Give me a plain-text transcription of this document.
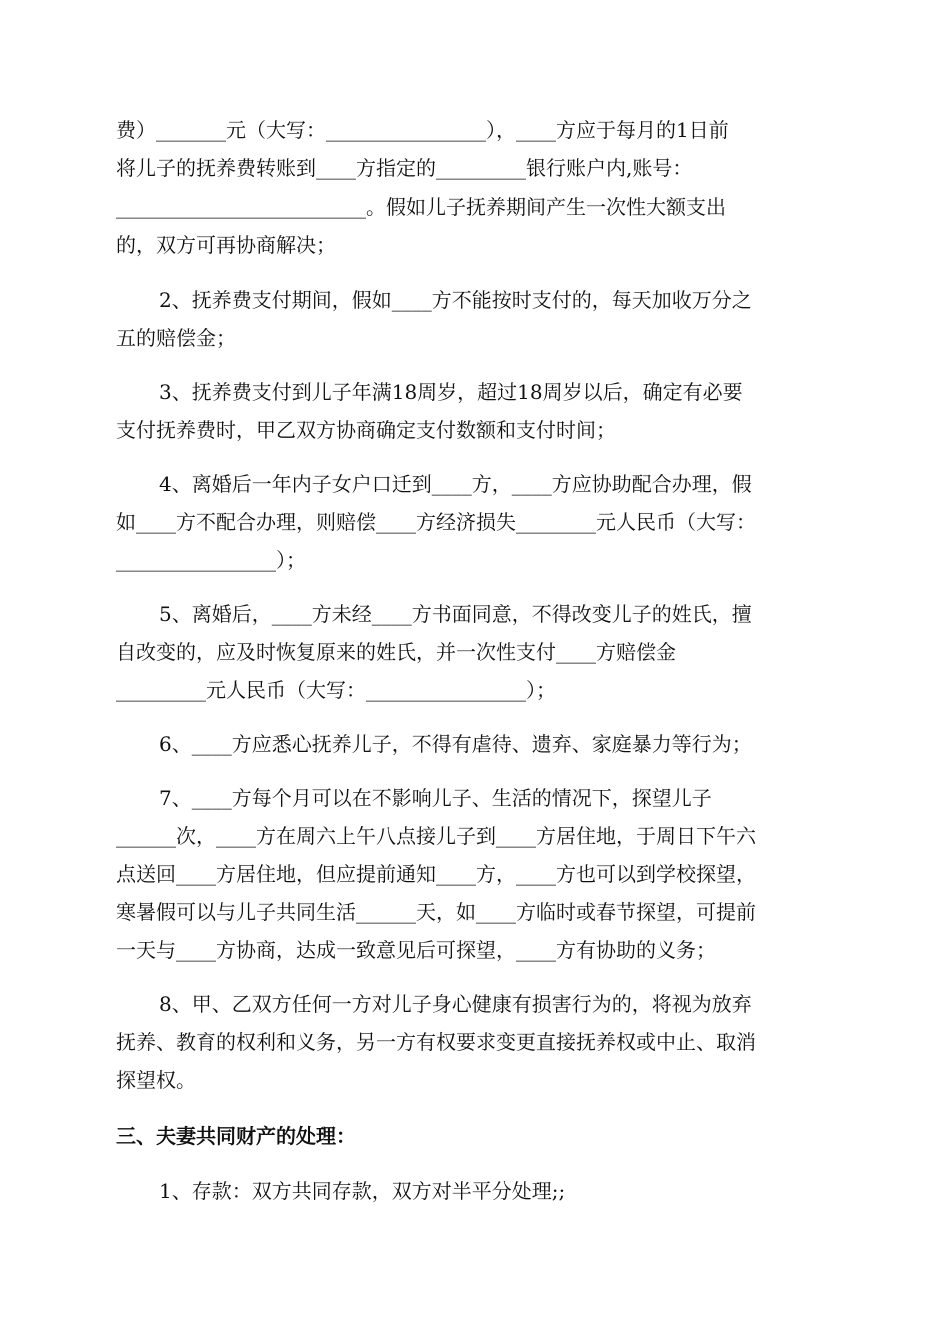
费）_______元（大写：________________），____方应于每月的1日前
将儿子的抚养费转账到____方指定的_________银行账户内,账号：
_________________________。假如儿子抚养期间产生一次性大额支出
的，双方可再协商解决；
2、抚养费支付期间，假如____方不能按时支付的，每天加收万分之
五的赔偿金；
3、抚养费支付到儿子年满18周岁，超过18周岁以后，确定有必要
支付抚养费时，甲乙双方协商确定支付数额和支付时间；
4、离婚后一年内子女户口迁到____方，____方应协助配合办理，假
如____方不配合办理，则赔偿____方经济损失________元人民币（大写：
________________）；
5、离婚后，____方未经____方书面同意，不得改变儿子的姓氏，擅
自改变的，应及时恢复原来的姓氏，并一次性支付____方赔偿金
_________元人民币（大写：________________）；
6、____方应悉心抚养儿子，不得有虐待、遗弃、家庭暴力等行为；
7、____方每个月可以在不影响儿子、生活的情况下，探望儿子
______次，____方在周六上午八点接儿子到____方居住地，于周日下午六
点送回____方居住地，但应提前通知____方，____方也可以到学校探望，
寒暑假可以与儿子共同生活______天，如____方临时或春节探望，可提前
一天与____方协商，达成一致意见后可探望，____方有协助的义务；
8、甲、乙双方任何一方对儿子身心健康有损害行为的，将视为放弃
抚养、教育的权利和义务，另一方有权要求变更直接抚养权或中止、取消
探望权。
三、夫妻共同财产的处理：
1、存款：双方共同存款，双方对半平分处理;;
